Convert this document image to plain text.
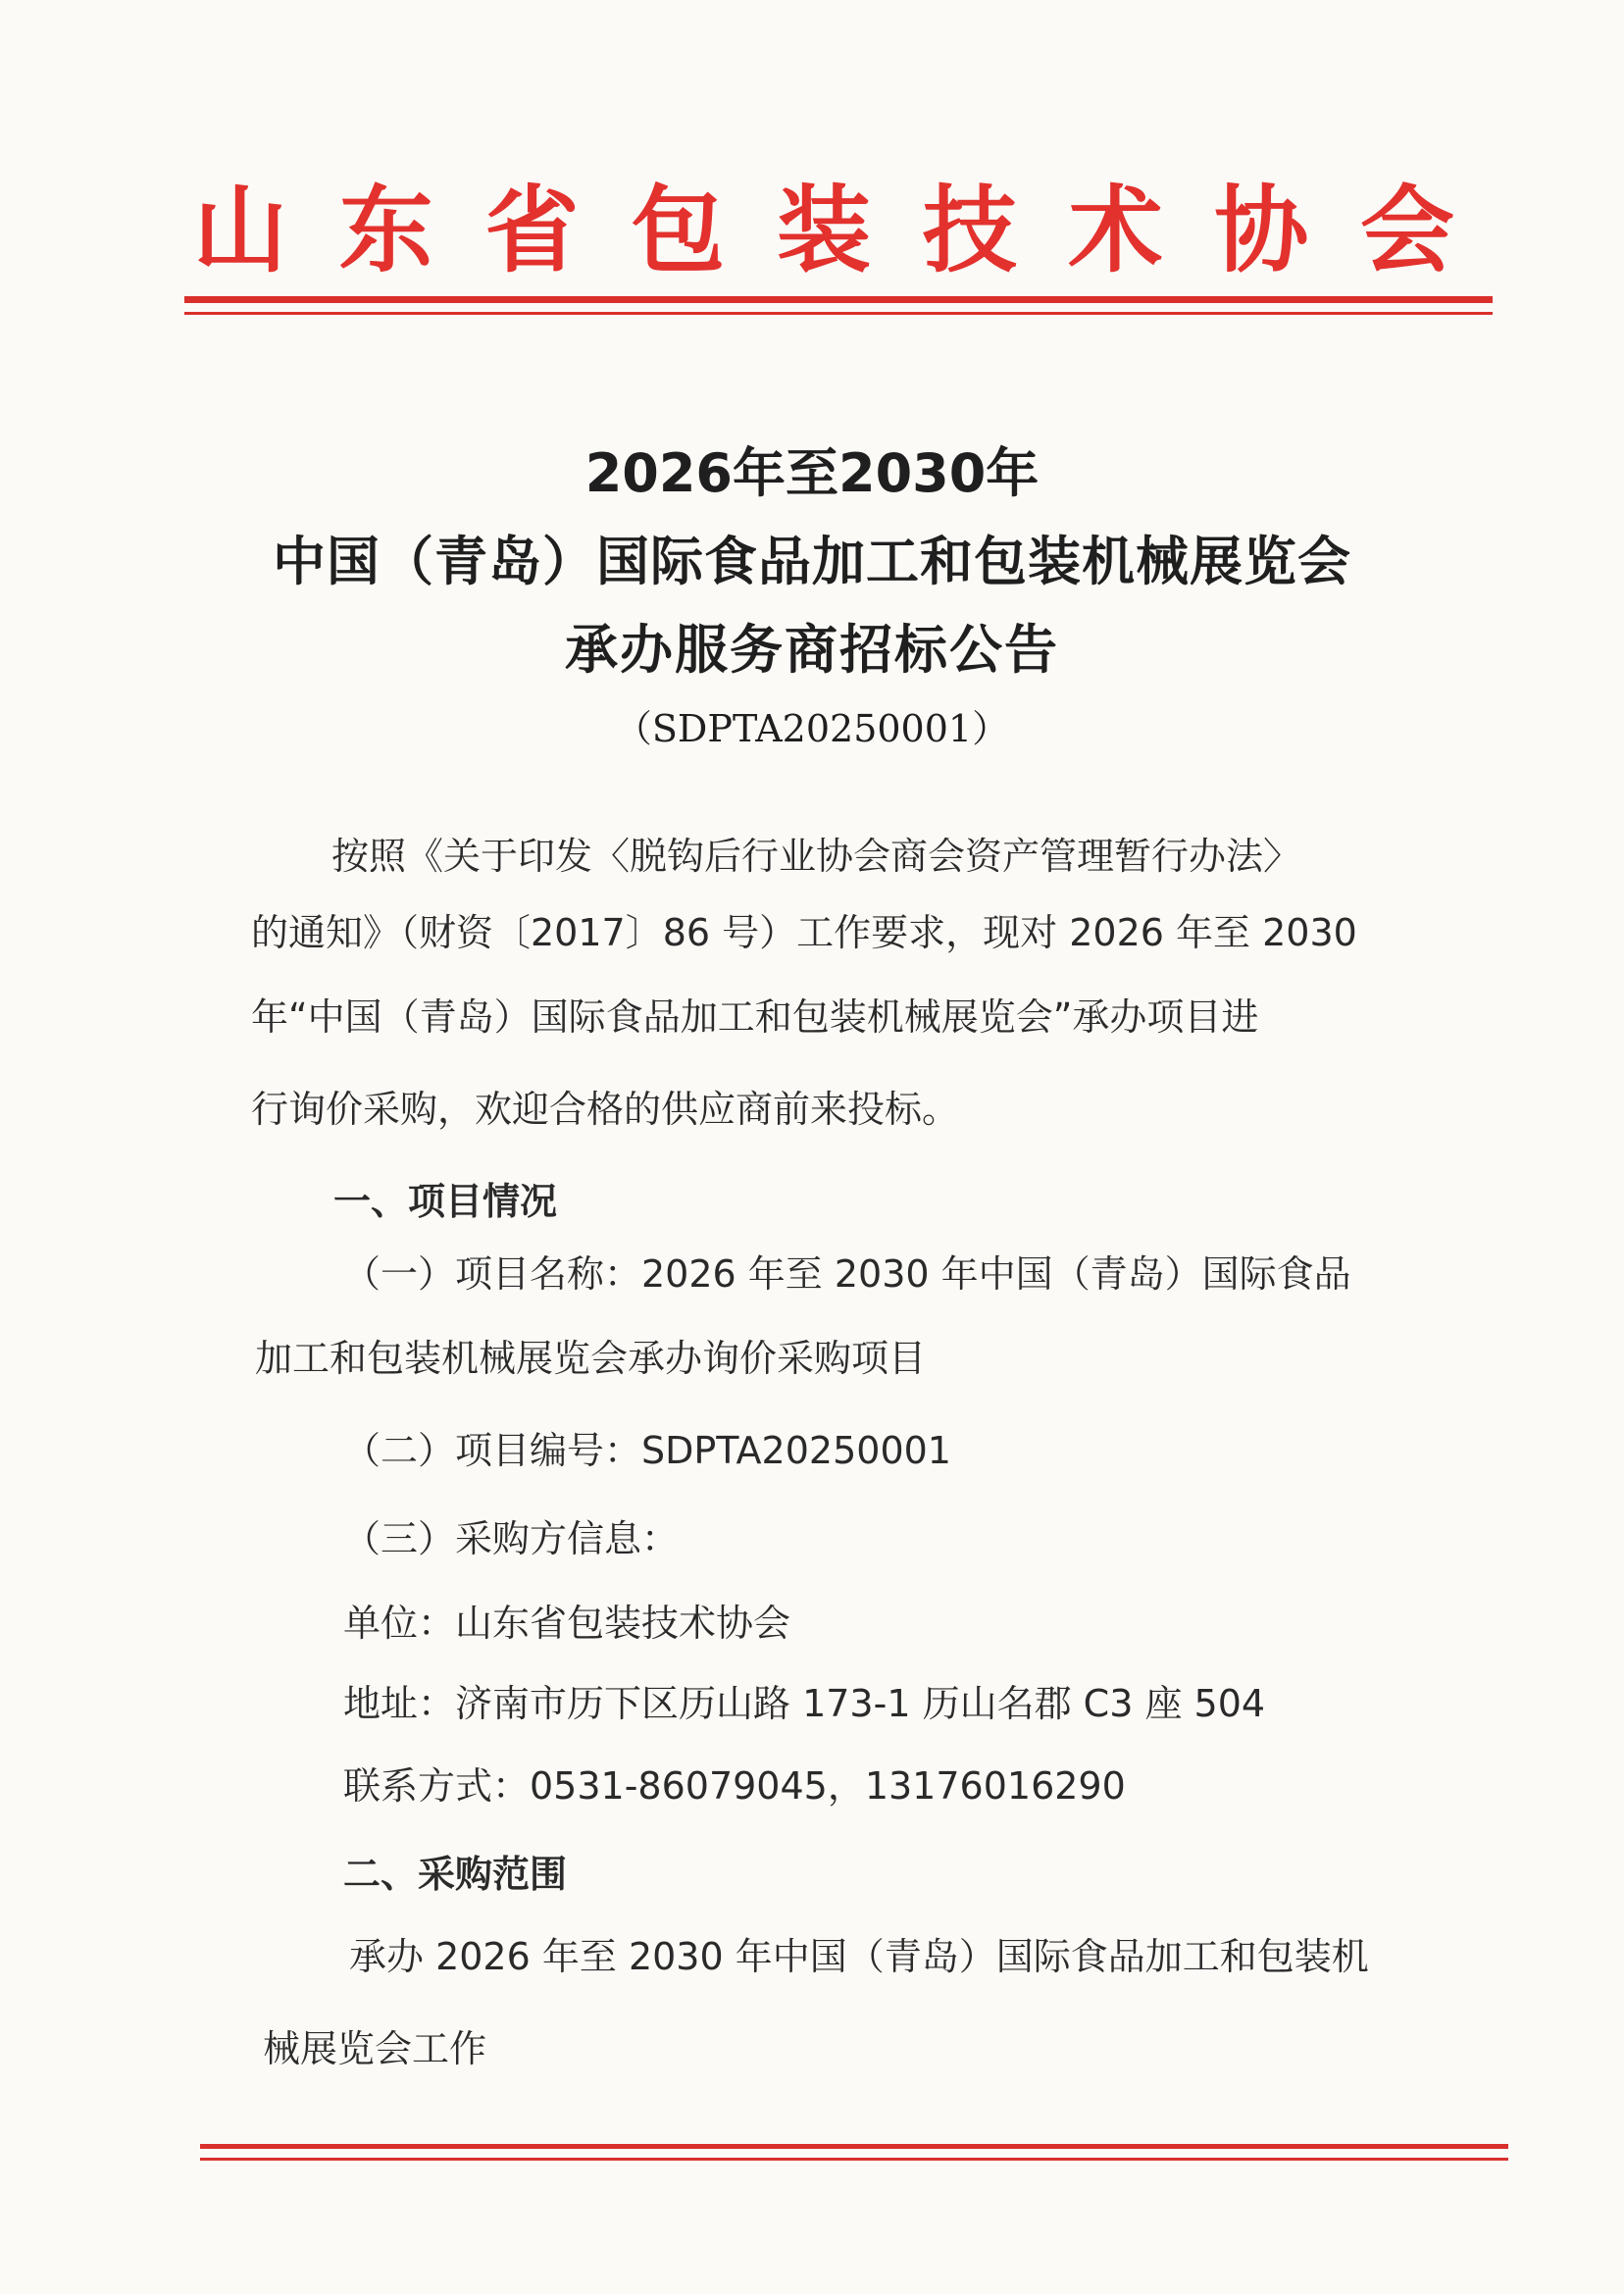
山 东 省 包 装 技 术 协 会
2026年至2030年
中国（青岛）国际食品加工和包装机械展览会
承办服务商招标公告
（SDPTA20250001）
按照《关于印发〈脱钩后行业协会商会资产管理暂行办法〉
的通知》（财资〔2017〕86 号）工作要求，现对 2026 年至 2030
年“中国（青岛）国际食品加工和包装机械展览会”承办项目进
行询价采购，欢迎合格的供应商前来投标。
一、项目情况
（一）项目名称：2026 年至 2030 年中国（青岛）国际食品
加工和包装机械展览会承办询价采购项目
（二）项目编号：SDPTA20250001
（三）采购方信息：
单位：山东省包装技术协会
地址：济南市历下区历山路 173-1 历山名郡 C3 座 504
联系方式：0531-86079045，13176016290
二、采购范围
承办 2026 年至 2030 年中国（青岛）国际食品加工和包装机
械展览会工作
